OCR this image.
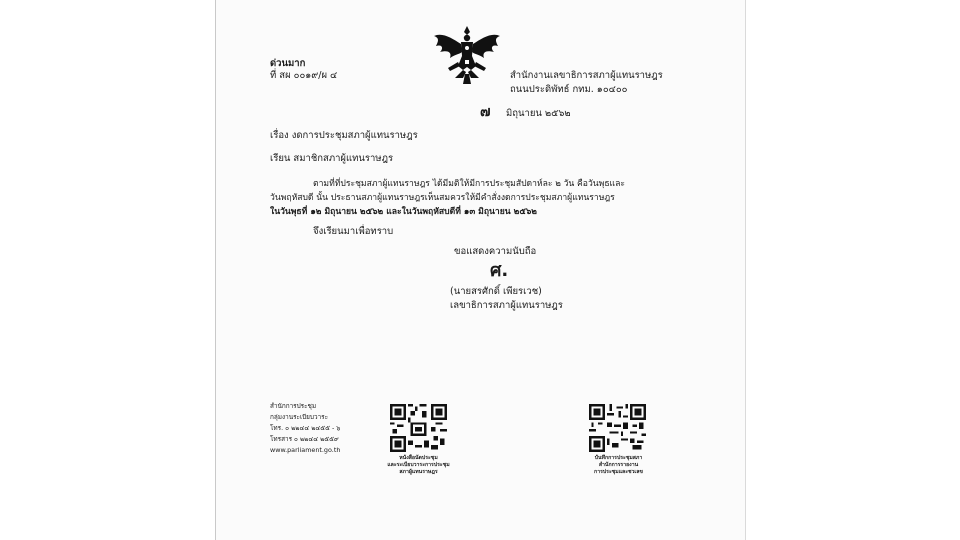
ด่วนมาก
ที่ สผ ๐๐๑๙/ผ ๔	สำนักงานเลขาธิการสภาผู้แทนราษฎร
ถนนประดิพัทธ์ กทม. ๑๐๔๐๐
๗ มิถุนายน ๒๕๖๒
เรื่อง งดการประชุมสภาผู้แทนราษฎร
เรียน สมาชิกสภาผู้แทนราษฎร
ตามที่ที่ประชุมสภาผู้แทนราษฎร ได้มีมติให้มีการประชุมสัปดาห์ละ ๒ วัน คือวันพุธและ
วันพฤหัสบดี นั้น ประธานสภาผู้แทนราษฎรเห็นสมควรให้มีคำสั่งงดการประชุมสภาผู้แทนราษฎร
ในวันพุธที่ ๑๒ มิถุนายน ๒๕๖๒ และในวันพฤหัสบดีที่ ๑๓ มิถุนายน ๒๕๖๒
จึงเรียนมาเพื่อทราบ
ขอแสดงความนับถือ
ศ.
(นายสรศักดิ์ เพียรเวช)
เลขาธิการสภาผู้แทนราษฎร
สำนักการประชุม
กลุ่มงานระเบียบวาระ
โทร. ๐ ๒๒๔๔ ๒๔๕๕ - ๖
โทรสาร ๐ ๒๒๔๔ ๒๕๕๙
www.parliament.go.th
หนังสือนัดประชุม
และระเบียบวาระการประชุม
สภาผู้แทนราษฎร
บันทึกการประชุมสภา
สำนักการรายงาน
การประชุมและชวเลข
